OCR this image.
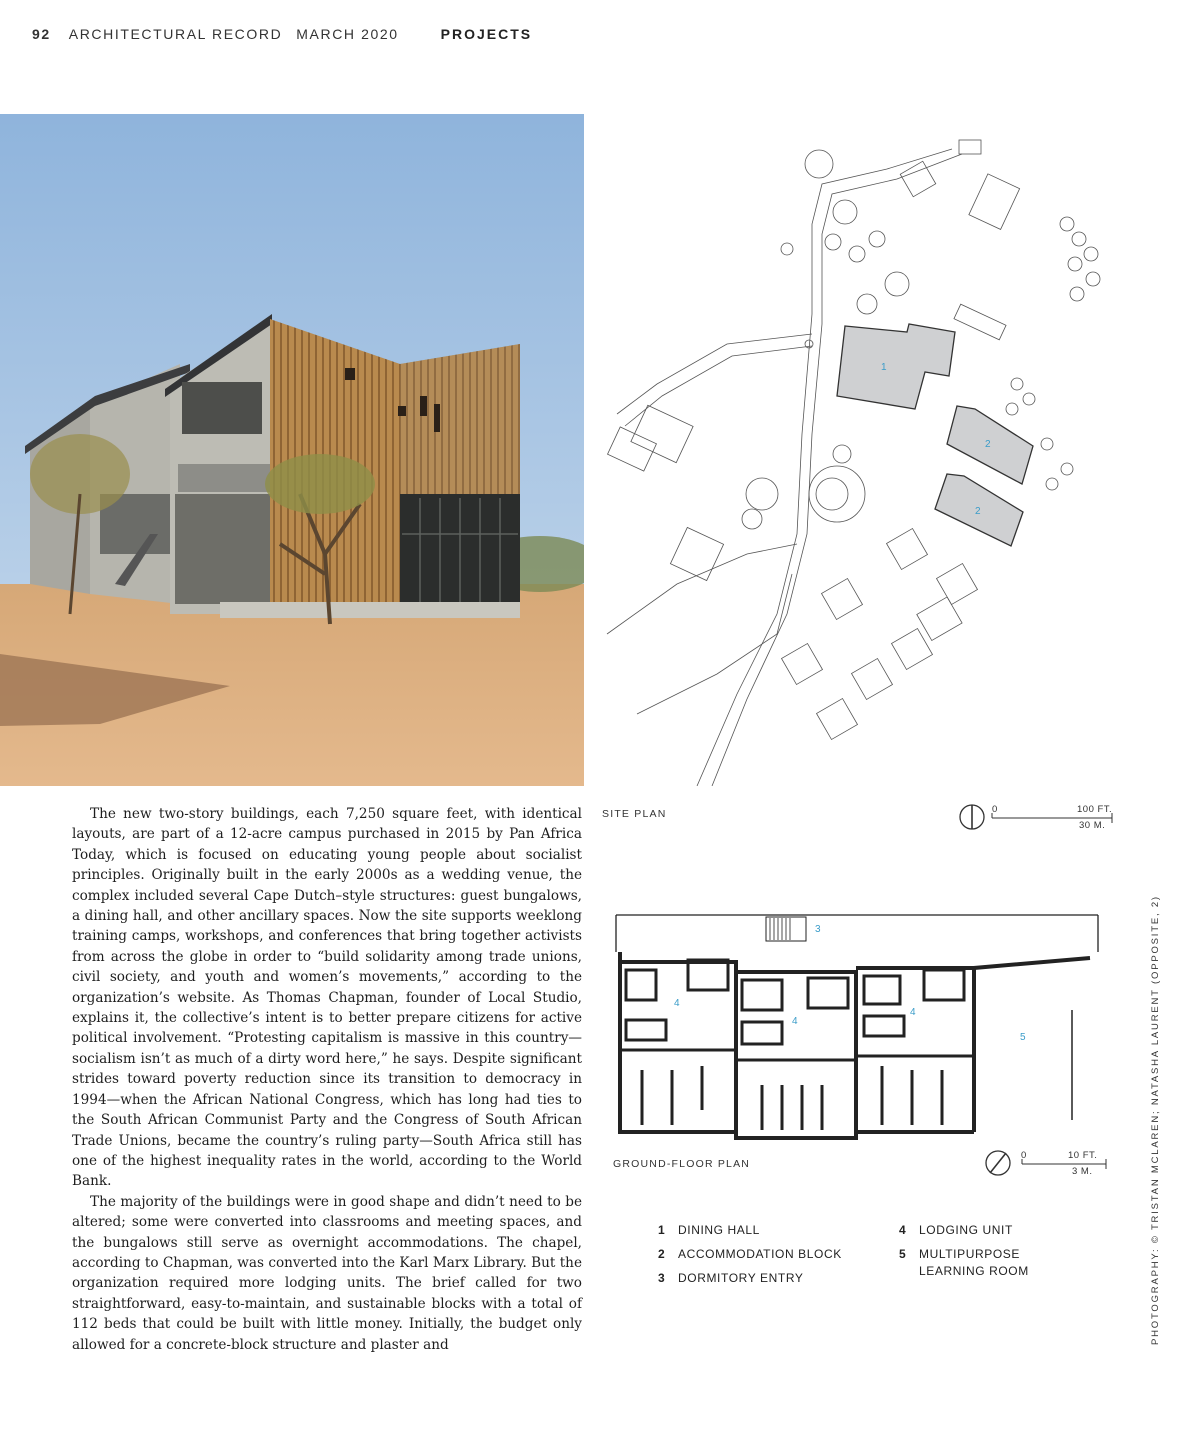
92 ARCHITECTURAL RECORD MARCH 2020	PROJECTS
1
2
2
SITE PLAN	0	100 FT.
30 M.
3
4
4
4
5
GROUND-FLOOR PLAN
0	10 FT.
3 M.
1	DINING HALL
2	ACCOMMODATION BLOCK
3	DORMITORY ENTRY
4	LODGING UNIT
5	MULTIPURPOSE LEARNING ROOM

The new two-story buildings, each 7,250 square feet, with identical layouts, are part of a 12-acre campus purchased in 2015 by Pan Africa Today, which is focused on educating young people about socialist principles. Originally built in the early 2000s as a wedding venue, the complex included several Cape Dutch–style structures: guest bungalows, a dining hall, and other ancillary spaces. Now the site supports weeklong training camps, workshops, and conferences that bring together activists from across the globe in order to “build solidarity among trade unions, civil society, and youth and women’s movements,” according to the organization’s website. As Thomas Chapman, founder of Local Studio, explains it, the collective’s intent is to better prepare citizens for active political involvement. “Protesting capitalism is massive in this country—socialism isn’t as much of a dirty word here,” he says. Despite significant strides toward poverty reduction since its transition to democracy in 1994—when the African National Congress, which has long had ties to the South African Communist Party and the Congress of South African Trade Unions, became the country’s ruling party—South Africa still has one of the highest inequality rates in the world, according to the World Bank.

The majority of the buildings were in good shape and didn’t need to be altered; some were converted into classrooms and meeting spaces, and the bungalows still serve as overnight accommodations. The chapel, according to Chapman, was converted into the Karl Marx Library. But the organization required more lodging units. The brief called for two straightforward, easy-to-maintain, and sustainable blocks with a total of 112 beds that could be built with little money. Initially, the budget only allowed for a concrete-block structure and plaster and	PHOTOGRAPHY: © TRISTAN MCLAREN; NATASHA LAURENT (OPPOSITE, 2)
